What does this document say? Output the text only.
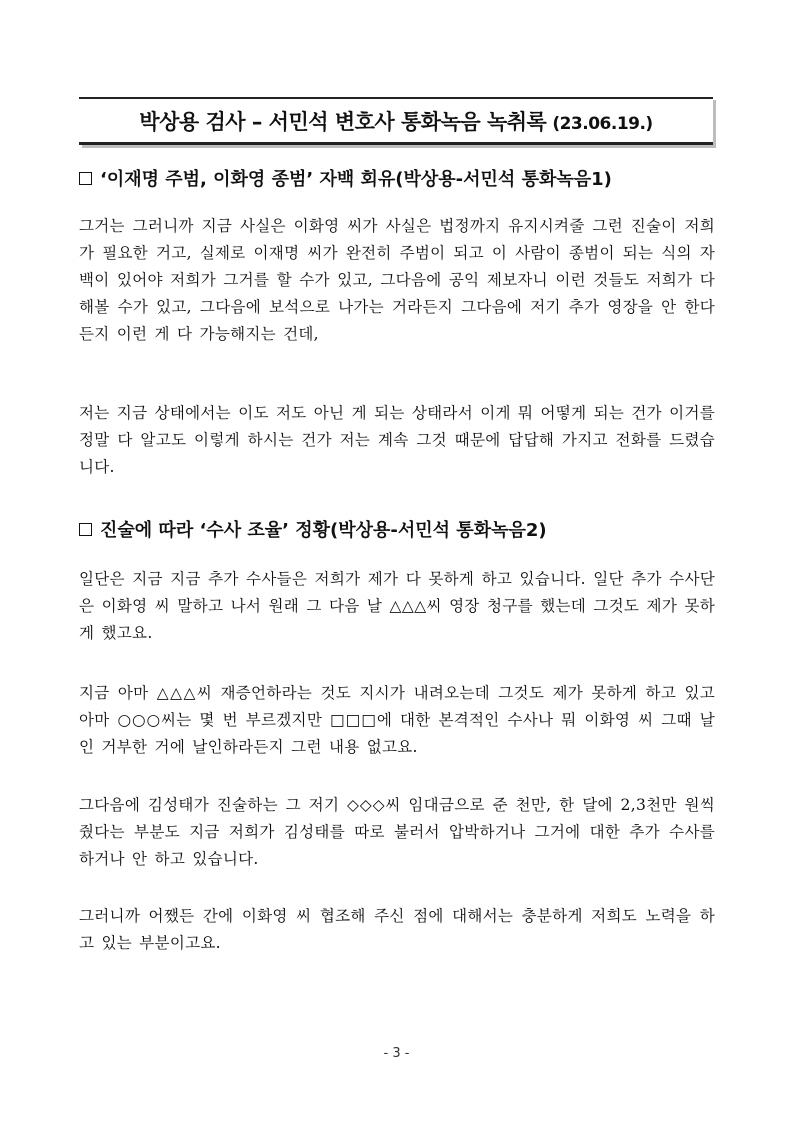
박상용 검사 – 서민석 변호사 통화녹음 녹취록 (23.06.19.)
‘이재명 주범, 이화영 종범’ 자백 회유(박상용-서민석 통화녹음1)

그거는 그러니까 지금 사실은 이화영 씨가 사실은 법정까지 유지시켜줄 그런 진술이 저희가 필요한 거고, 실제로 이재명 씨가 완전히 주범이 되고 이 사람이 종범이 되는 식의 자백이 있어야 저희가 그거를 할 수가 있고, 그다음에 공익 제보자니 이런 것들도 저희가 다 해볼 수가 있고, 그다음에 보석으로 나가는 거라든지 그다음에 저기 추가 영장을 안 한다든지 이런 게 다 가능해지는 건데,

저는 지금 상태에서는 이도 저도 아닌 게 되는 상태라서 이게 뭐 어떻게 되는 건가 이거를 정말 다 알고도 이렇게 하시는 건가 저는 계속 그것 때문에 답답해 가지고 전화를 드렸습니다.

진술에 따라 ‘수사 조율’ 정황(박상용-서민석 통화녹음2)

일단은 지금 지금 추가 수사들은 저희가 제가 다 못하게 하고 있습니다. 일단 추가 수사단은 이화영 씨 말하고 나서 원래 그 다음 날 △△△씨 영장 청구를 했는데 그것도 제가 못하게 했고요.

지금 아마 △△△씨 재증언하라는 것도 지시가 내려오는데 그것도 제가 못하게 하고 있고 아마 ○○○씨는 몇 번 부르겠지만 □□□에 대한 본격적인 수사나 뭐 이화영 씨 그때 날인 거부한 거에 날인하라든지 그런 내용 없고요.

그다음에 김성태가 진술하는 그 저기 ◇◇◇씨 임대금으로 준 천만, 한 달에 2,3천만 원씩 줬다는 부분도 지금 저희가 김성태를 따로 불러서 압박하거나 그거에 대한 추가 수사를 하거나 안 하고 있습니다.

그러니까 어쨌든 간에 이화영 씨 협조해 주신 점에 대해서는 충분하게 저희도 노력을 하고 있는 부분이고요.

- 3 -
